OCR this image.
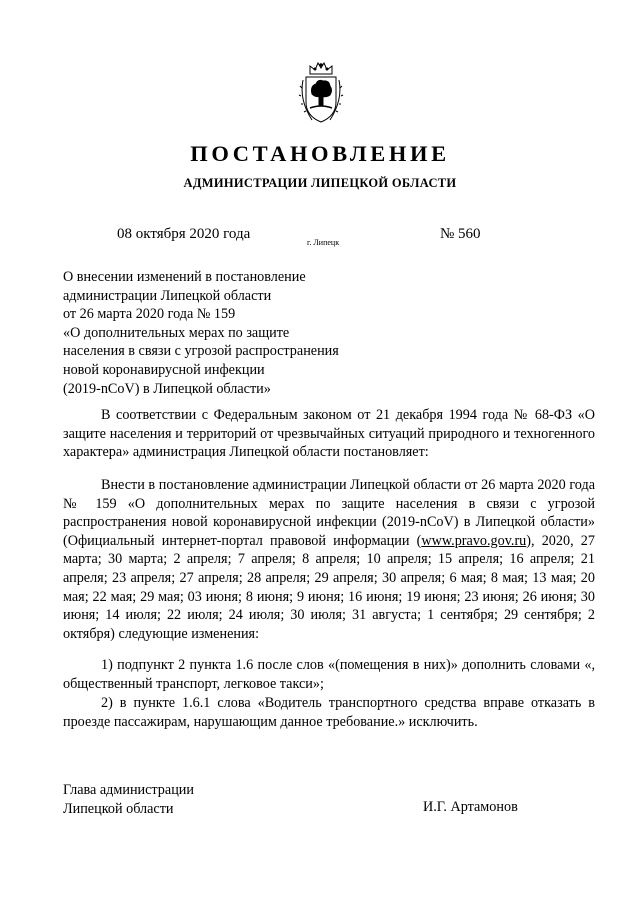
ПОСТАНОВЛЕНИЕ
АДМИНИСТРАЦИИ ЛИПЕЦКОЙ ОБЛАСТИ
08 октября 2020 года
г. Липецк
№ 560
О внесении изменений в постановление
администрации Липецкой области
от 26 марта 2020 года № 159
«О дополнительных мерах по защите
населения в связи с угрозой распространения
новой коронавирусной инфекции
(2019-nCoV) в Липецкой области»

В соответствии с Федеральным законом от 21 декабря 1994 года № 68-ФЗ «О защите населения и территорий от чрезвычайных ситуаций природного и техногенного характера» администрация Липецкой области постановляет:

Внести в постановление администрации Липецкой области от 26 марта 2020 года № 159 «О дополнительных мерах по защите населения в связи с угрозой распространения новой коронавирусной инфекции (2019-nCoV) в Липецкой области» (Официальный интернет-портал правовой информации (www.pravo.gov.ru), 2020, 27 марта; 30 марта; 2 апреля; 7 апреля; 8 апреля; 10 апреля; 15 апреля; 16 апреля; 21 апреля; 23 апреля; 27 апреля; 28 апреля; 29 апреля; 30 апреля; 6 мая; 8 мая; 13 мая; 20 мая; 22 мая; 29 мая; 03 июня; 8 июня; 9 июня; 16 июня; 19 июня; 23 июня; 26 июня; 30 июня; 14 июля; 22 июля; 24 июля; 30 июля; 31 августа; 1 сентября; 29 сентября; 2 октября) следующие изменения:

1) подпункт 2 пункта 1.6 после слов «(помещения в них)» дополнить словами «, общественный транспорт, легковое такси»;

2) в пункте 1.6.1 слова «Водитель транспортного средства вправе отказать в проезде пассажирам, нарушающим данное требование.» исключить.

Глава администрации
Липецкой области	И.Г. Артамонов
